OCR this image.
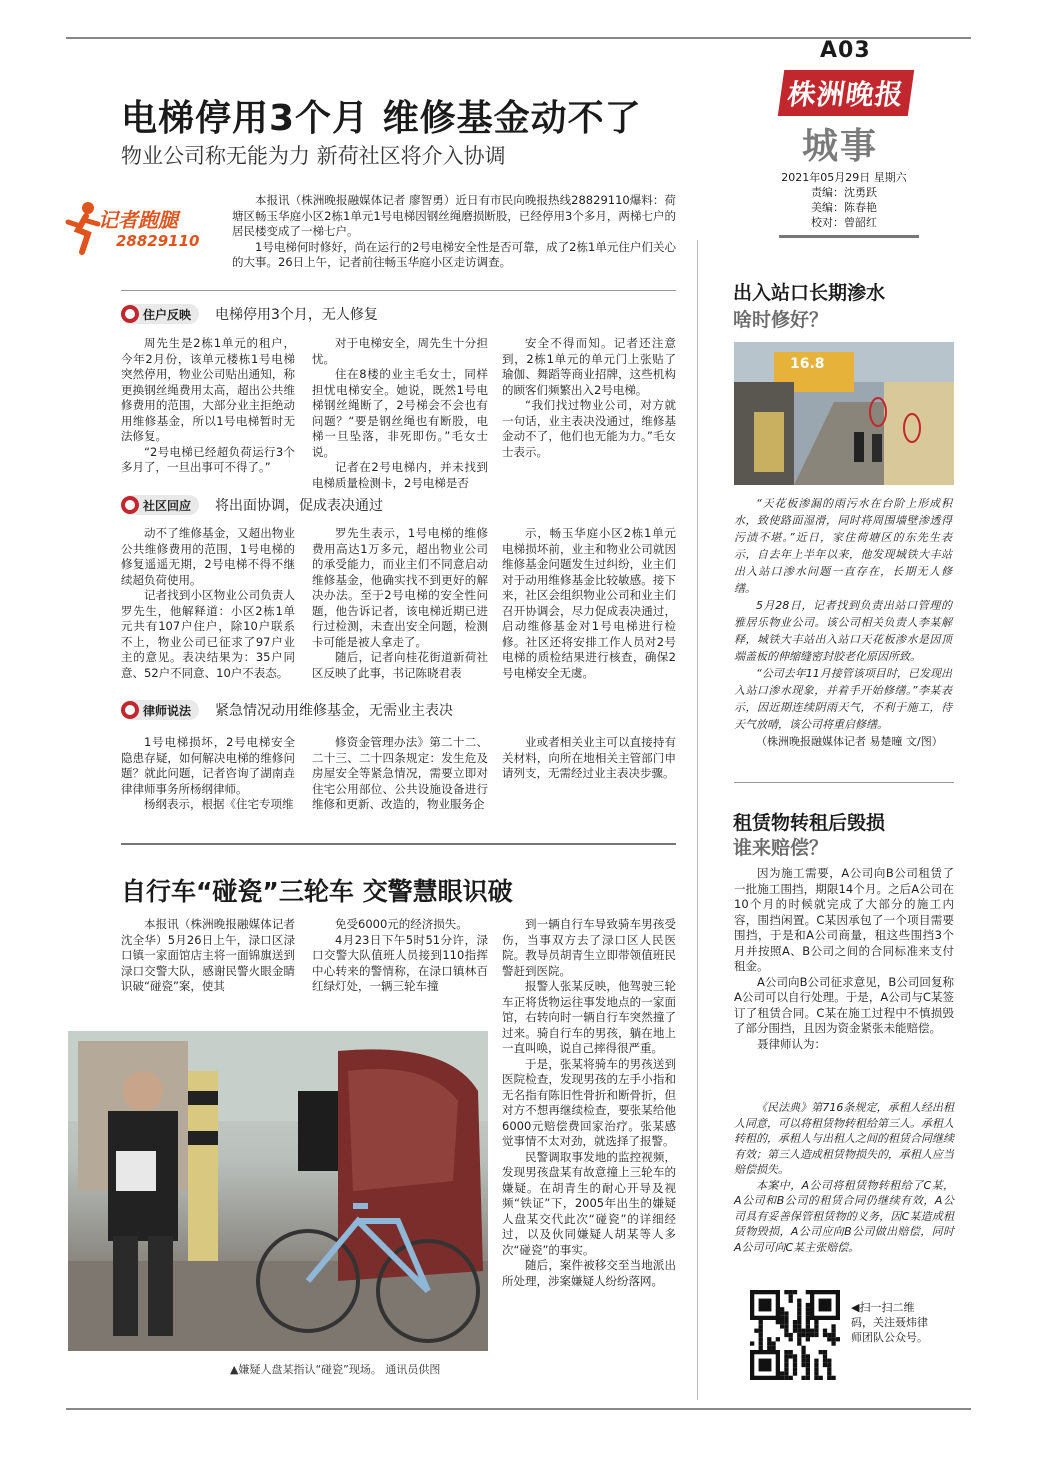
A03
株洲晚报
城事
2021年05月29日 星期六
责编：沈勇跃
美编：陈春艳
校对：曾韶红
电梯停用3个月 维修基金动不了
物业公司称无能为力 新荷社区将介入协调
记者跑腿
28829110

本报讯（株洲晚报融媒体记者 廖智勇）近日有市民向晚报热线28829110爆料：荷塘区畅玉华庭小区2栋1单元1号电梯因钢丝绳磨损断股，已经停用3个多月，两梯七户的居民楼变成了一梯七户。

1号电梯何时修好，尚在运行的2号电梯安全性是否可靠，成了2栋1单元住户们关心的大事。26日上午，记者前往畅玉华庭小区走访调查。

住户反映 电梯停用3个月，无人修复

周先生是2栋1单元的租户，今年2月份，该单元楼栋1号电梯突然停用，物业公司贴出通知，称更换钢丝绳费用太高，超出公共维修费用的范围，大部分业主拒绝动用维修基金，所以1号电梯暂时无法修复。

“2号电梯已经超负荷运行3个多月了，一旦出事可不得了。”

对于电梯安全，周先生十分担忧。

住在8楼的业主毛女士，同样担忧电梯安全。她说，既然1号电梯钢丝绳断了，2号梯会不会也有问题？“要是钢丝绳也有断股，电梯一旦坠落，非死即伤。”毛女士说。

记者在2号电梯内，并未找到电梯质量检测卡，2号电梯是否

安全不得而知。记者还注意到，2栋1单元的单元门上张贴了瑜伽、舞蹈等商业招牌，这些机构的顾客们频繁出入2号电梯。

“我们找过物业公司，对方就一句话，业主表决没通过，维修基金动不了，他们也无能为力。”毛女士表示。

社区回应 将出面协调，促成表决通过

动不了维修基金，又超出物业公共维修费用的范围，1号电梯的修复遥遥无期，2号电梯不得不继续超负荷使用。

记者找到小区物业公司负责人罗先生，他解释道：小区2栋1单元共有107户住户，除10户联系不上，物业公司已征求了97户业主的意见。表决结果为：35户同意、52户不同意、10户不表态。

罗先生表示，1号电梯的维修费用高达1万多元，超出物业公司的承受能力，而业主们不同意启动维修基金，他确实找不到更好的解决办法。至于2号电梯的安全性问题，他告诉记者，该电梯近期已进行过检测，未查出安全问题，检测卡可能是被人拿走了。

随后，记者向桂花街道新荷社区反映了此事，书记陈晓君表

示，畅玉华庭小区2栋1单元电梯损坏前，业主和物业公司就因维修基金问题发生过纠纷，业主们对于动用维修基金比较敏感。接下来，社区会组织物业公司和业主们召开协调会，尽力促成表决通过，启动维修基金对1号电梯进行检修。社区还将安排工作人员对2号电梯的质检结果进行核查，确保2号电梯安全无虞。

律师说法 紧急情况动用维修基金，无需业主表决

1号电梯损坏，2号电梯安全隐患存疑，如何解决电梯的维修问题？就此问题，记者咨询了湖南垚律律师事务所杨纲律师。

杨纲表示，根据《住宅专项维

修资金管理办法》第二十二、二十三、二十四条规定：发生危及房屋安全等紧急情况，需要立即对住宅公用部位、公共设施设备进行维修和更新、改造的，物业服务企

业或者相关业主可以直接持有关材料，向所在地相关主管部门申请列支，无需经过业主表决步骤。

自行车“碰瓷”三轮车 交警慧眼识破

本报讯（株洲晚报融媒体记者 沈全华）5月26日上午，渌口区渌口镇一家面馆店主将一面锦旗送到渌口交警大队，感谢民警火眼金睛识破“碰瓷”案，使其

免受6000元的经济损失。

4月23日下午5时51分许，渌口交警大队值班人员接到110指挥中心转来的警情称，在渌口镇林百红绿灯处，一辆三轮车撞

到一辆自行车导致骑车男孩受伤，当事双方去了渌口区人民医院。教导员胡青生立即带领值班民警赶到医院。

报警人张某反映，他驾驶三轮车正将货物运往事发地点的一家面馆，右转向时一辆自行车突然撞了过来。骑自行车的男孩，躺在地上一直叫唤，说自己摔得很严重。

于是，张某将骑车的男孩送到医院检查，发现男孩的左手小指和无名指有陈旧性骨折和断骨折，但对方不想再继续检查，要张某给他6000元赔偿费回家治疗。张某感觉事情不太对劲，就选择了报警。

民警调取事发地的监控视频，发现男孩盘某有故意撞上三轮车的嫌疑。在胡青生的耐心开导及视频“铁证”下，2005年出生的嫌疑人盘某交代此次“碰瓷”的详细经过，以及伙同嫌疑人胡某等人多次“碰瓷”的事实。

随后，案件被移交至当地派出所处理，涉案嫌疑人纷纷落网。

▲嫌疑人盘某指认“碰瓷”现场。 通讯员供图
出入站口长期渗水
啥时修好？
16.8

“天花板渗漏的雨污水在台阶上形成积水，致使路面湿滑，同时将周围墙壁渗透得污渍不堪。”近日，家住荷塘区的东先生表示，自去年上半年以来，他发现城铁大丰站出入站口渗水问题一直存在，长期无人修缮。

5月28日，记者找到负责出站口管理的雅居乐物业公司。该公司相关负责人李某解释，城铁大丰站出入站口天花板渗水是因顶端盖板的伸缩缝密封胶老化原因所致。

“公司去年11月接管该项目时，已发现出入站口渗水现象，并着手开始修缮。”李某表示，因近期连续阴雨天气，不利于施工，待天气放晴，该公司将重启修缮。

（株洲晚报融媒体记者 易楚曈 文/图）

租赁物转租后毁损
谁来赔偿？

因为施工需要，A公司向B公司租赁了一批施工围挡，期限14个月。之后A公司在10个月的时候就完成了大部分的施工内容，围挡闲置。C某因承包了一个项目需要围挡，于是和A公司商量，租这些围挡3个月并按照A、B公司之间的合同标准来支付租金。

A公司向B公司征求意见，B公司回复称A公司可以自行处理。于是，A公司与C某签订了租赁合同。C某在施工过程中不慎损毁了部分围挡，且因为资金紧张未能赔偿。

聂律师认为：

《民法典》第716条规定，承租人经出租人同意，可以将租赁物转租给第三人。承租人转租的，承租人与出租人之间的租赁合同继续有效；第三人造成租赁物损失的，承租人应当赔偿损失。

本案中，A公司将租赁物转租给了C某，A公司和B公司的租赁合同仍继续有效，A公司具有妥善保管租赁物的义务，因C某造成租赁物毁损，A公司应向B公司做出赔偿，同时A公司可向C某主张赔偿。

◀扫一扫二维码，关注聂炜律师团队公众号。
